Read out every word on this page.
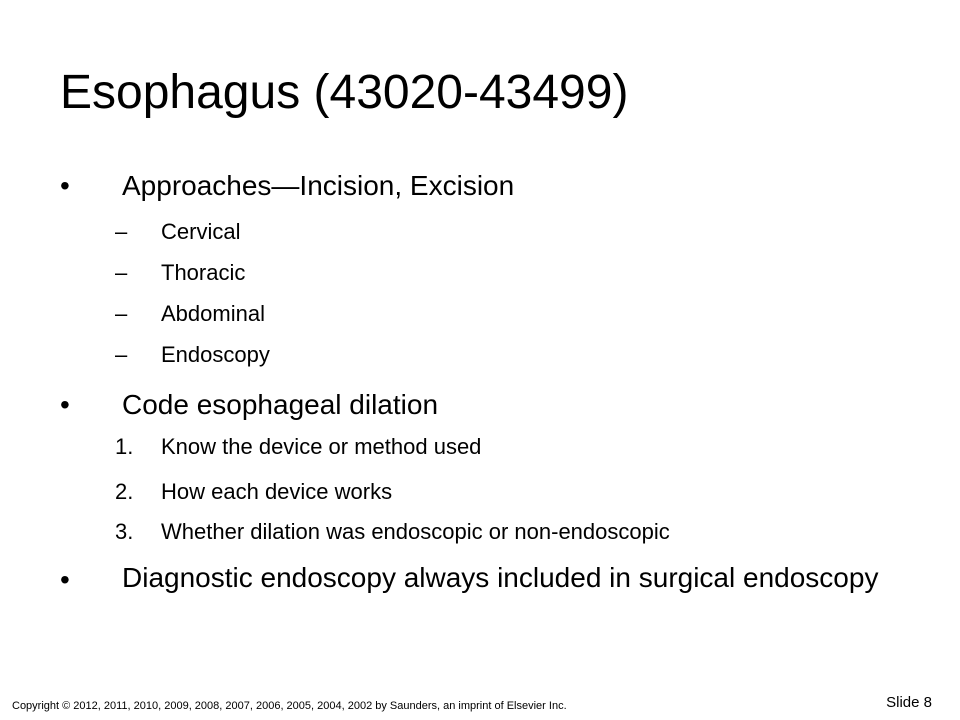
Esophagus (43020-43499)
• Approaches—Incision, Excision
– Cervical
– Thoracic
– Abdominal
– Endoscopy
• Code esophageal dilation
1. Know the device or method used
2. How each device works
3. Whether dilation was endoscopic or non-endoscopic
• Diagnostic endoscopy always included in surgical endoscopy
Copyright © 2012, 2011, 2010, 2009, 2008, 2007, 2006, 2005, 2004, 2002 by Saunders, an imprint of Elsevier Inc.	Slide 8
